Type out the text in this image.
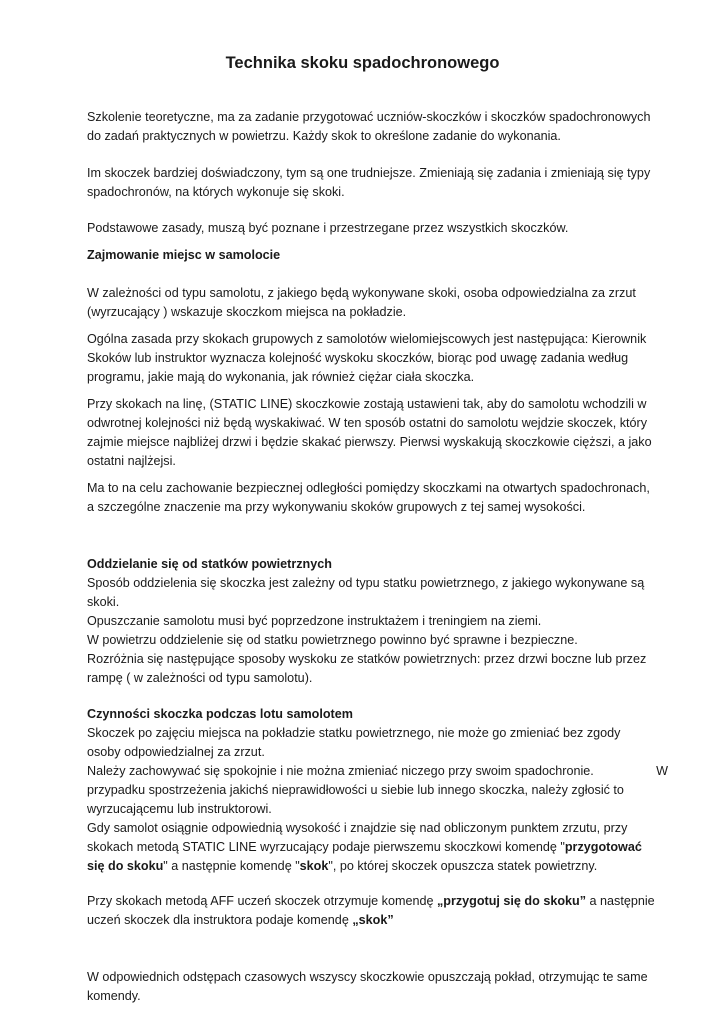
Technika skoku spadochronowego

Szkolenie teoretyczne, ma za zadanie przygotować uczniów-skoczków i skoczków spadochronowych do zadań praktycznych w powietrzu. Każdy skok to określone zadanie do wykonania.

Im skoczek bardziej doświadczony, tym są one trudniejsze. Zmieniają się zadania i zmieniają się typy spadochronów, na których wykonuje się skoki.

Podstawowe zasady, muszą być poznane i przestrzegane przez wszystkich skoczków.

Zajmowanie miejsc w samolocie

W zależności od typu samolotu, z jakiego będą wykonywane skoki, osoba odpowiedzialna za zrzut (wyrzucający ) wskazuje skoczkom miejsca na pokładzie.

Ogólna zasada przy skokach grupowych z samolotów wielomiejscowych jest następująca: Kierownik Skoków lub instruktor wyznacza kolejność wyskoku skoczków, biorąc pod uwagę zadania według programu, jakie mają do wykonania, jak również ciężar ciała skoczka.

Przy skokach na linę, (STATIC LINE) skoczkowie zostają ustawieni tak, aby do samolotu wchodzili w odwrotnej kolejności niż będą wyskakiwać. W ten sposób ostatni do samolotu wejdzie skoczek, który zajmie miejsce najbliżej drzwi i będzie skakać pierwszy. Pierwsi wyskakują skoczkowie cięższi, a jako ostatni najlżejsi.

Ma to na celu zachowanie bezpiecznej odległości pomiędzy skoczkami na otwartych spadochronach, a szczególne znaczenie ma przy wykonywaniu skoków grupowych z tej samej wysokości.

Oddzielanie się od statków powietrznych

Sposób oddzielenia się skoczka jest zależny od typu statku powietrznego, z jakiego wykonywane są skoki.

Opuszczanie samolotu musi być poprzedzone instruktażem i treningiem na ziemi.

W powietrzu oddzielenie się od statku powietrznego powinno być sprawne i bezpieczne.

Rozróżnia się następujące sposoby wyskoku ze statków powietrznych: przez drzwi boczne lub przez rampę ( w zależności od typu samolotu).

Czynności skoczka podczas lotu samolotem

Skoczek po zajęciu miejsca na pokładzie statku powietrznego, nie może go zmieniać bez zgody osoby odpowiedzialnej za zrzut.

Należy zachowywać się spokojnie i nie można zmieniać niczego przy swoim spadochronie.	W

przypadku spostrzeżenia jakichś nieprawidłowości u siebie lub innego skoczka, należy zgłosić to wyrzucającemu lub instruktorowi.

Gdy samolot osiągnie odpowiednią wysokość i znajdzie się nad obliczonym punktem zrzutu, przy skokach metodą STATIC LINE wyrzucający podaje pierwszemu skoczkowi komendę "przygotować się do skoku" a następnie komendę "skok", po której skoczek opuszcza statek powietrzny.

Przy skokach metodą AFF uczeń skoczek otrzymuje komendę „przygotuj się do skoku” a następnie uczeń skoczek dla instruktora podaje komendę „skok”

W odpowiednich odstępach czasowych wszyscy skoczkowie opuszczają pokład, otrzymując te same komendy.
